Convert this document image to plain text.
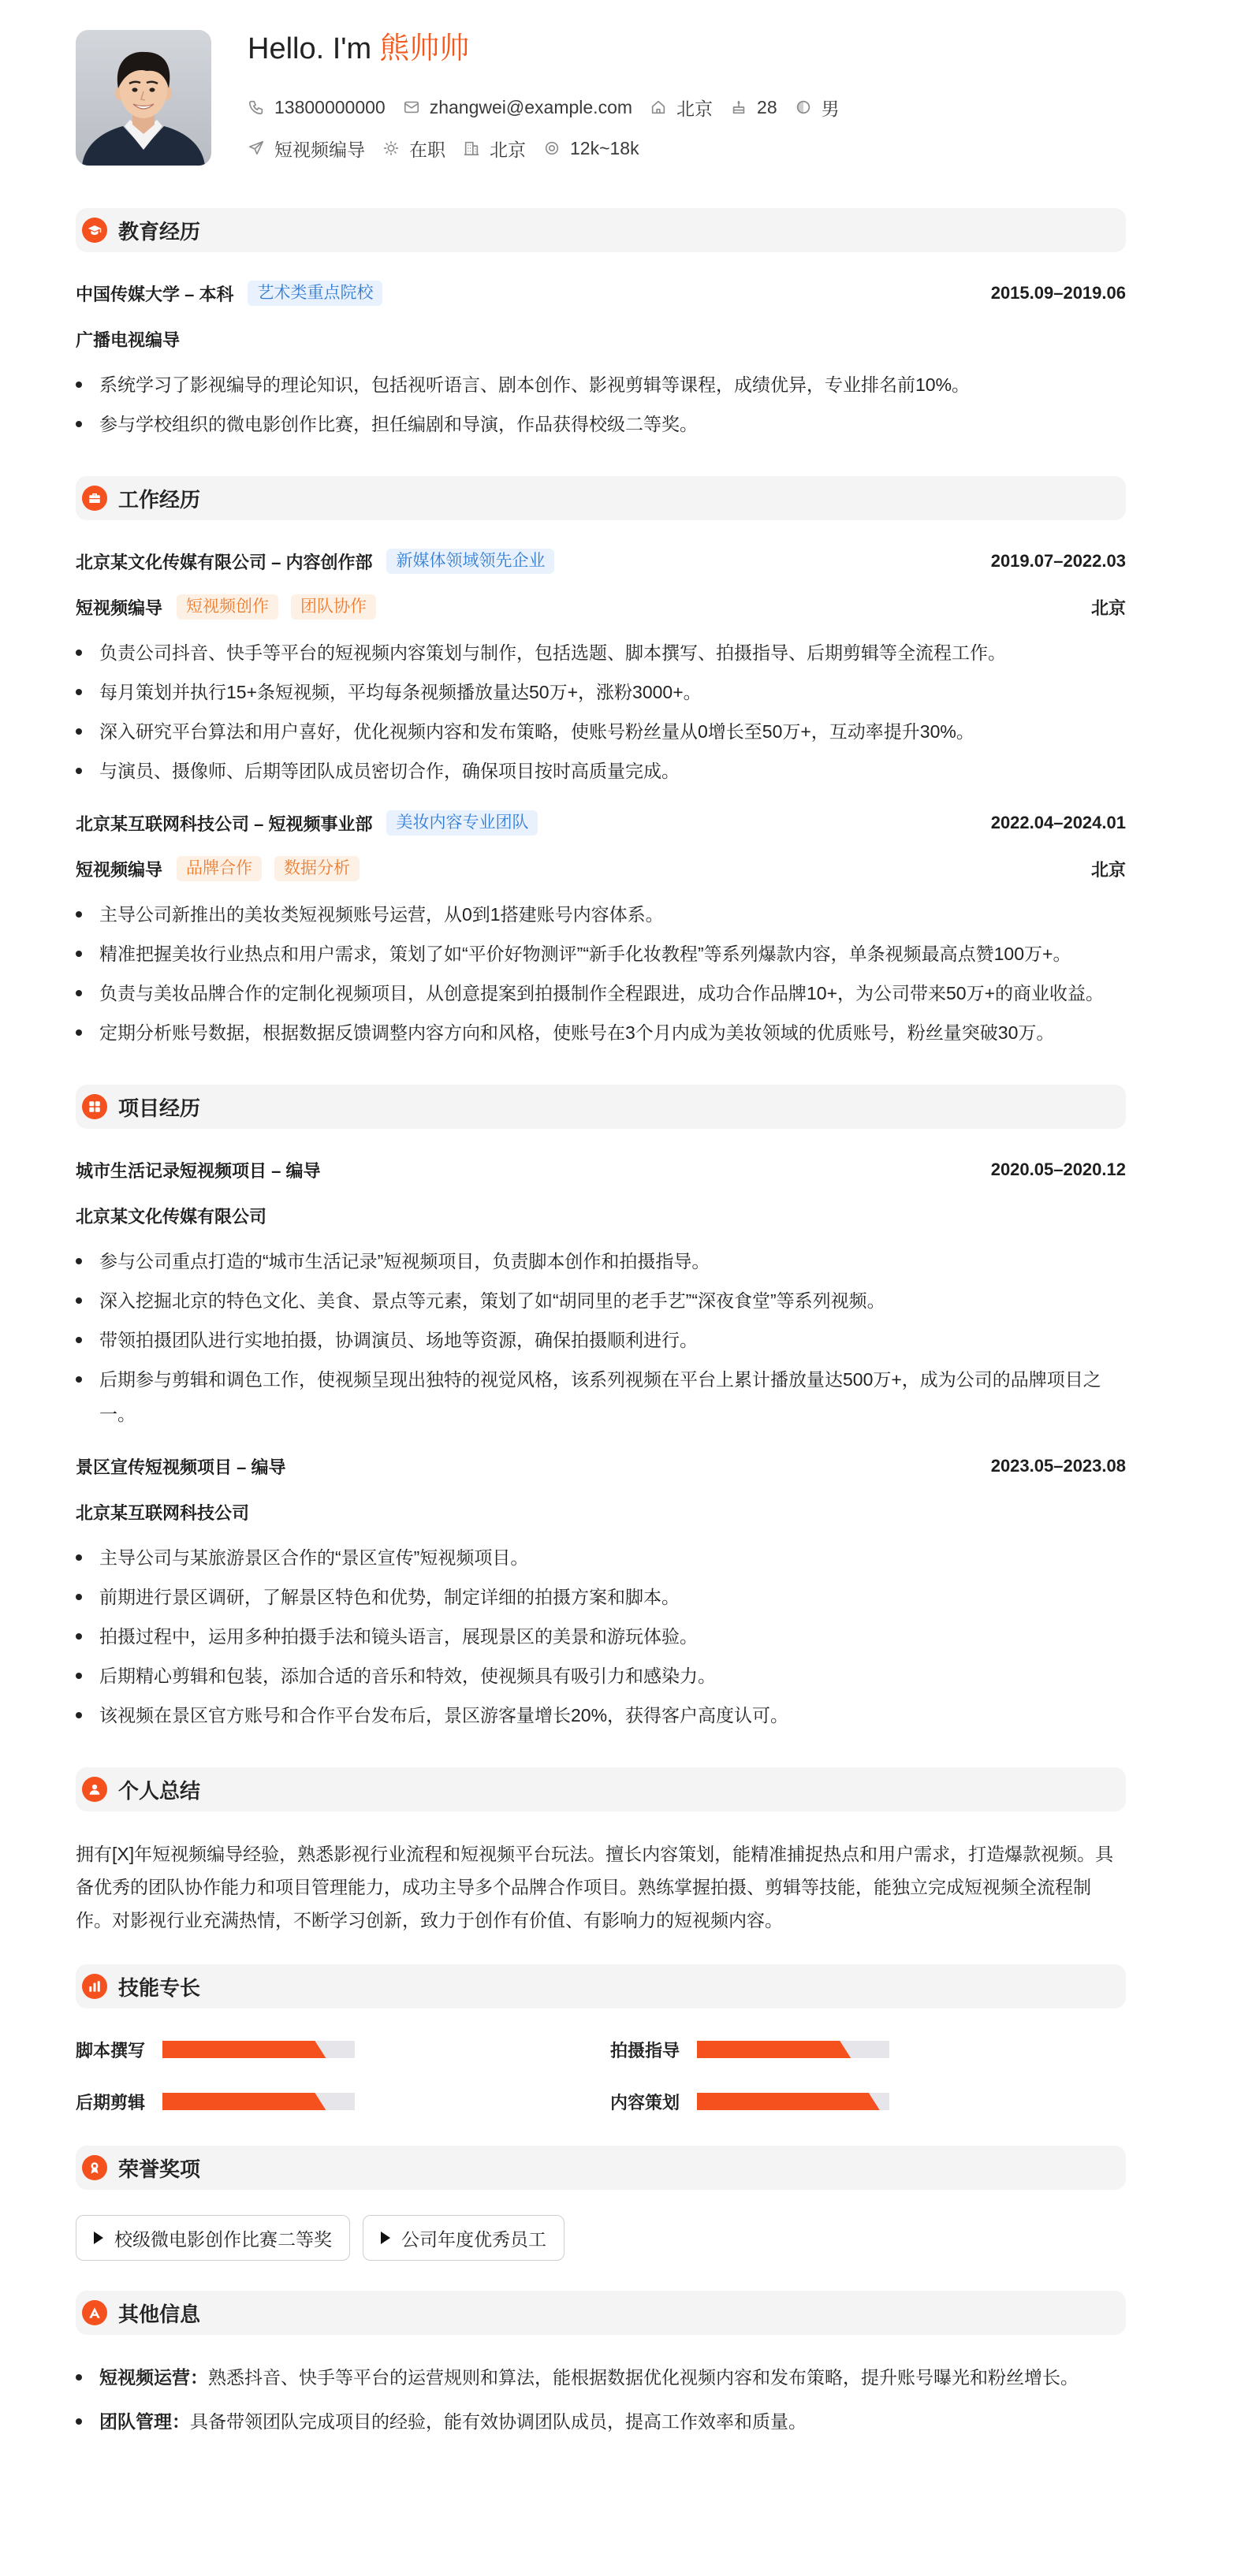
Hello. I'm 熊帅帅
13800000000 zhangwei@example.com 北京 28 男
短视频编导 在职 北京 12k~18k
教育经历
中国传媒大学 – 本科	艺术类重点院校	2015.09–2019.06
广播电视编导
系统学习了影视编导的理论知识，包括视听语言、剧本创作、影视剪辑等课程，成绩优异，专业排名前10%。
参与学校组织的微电影创作比赛，担任编剧和导演，作品获得校级二等奖。
工作经历
北京某文化传媒有限公司 – 内容创作部	新媒体领域领先企业	2019.07–2022.03
短视频编导	短视频创作	团队协作	北京
负责公司抖音、快手等平台的短视频内容策划与制作，包括选题、脚本撰写、拍摄指导、后期剪辑等全流程工作。
每月策划并执行15+条短视频，平均每条视频播放量达50万+，涨粉3000+。
深入研究平台算法和用户喜好，优化视频内容和发布策略，使账号粉丝量从0增长至50万+，互动率提升30%。
与演员、摄像师、后期等团队成员密切合作，确保项目按时高质量完成。
北京某互联网科技公司 – 短视频事业部	美妆内容专业团队	2022.04–2024.01
短视频编导	品牌合作	数据分析	北京
主导公司新推出的美妆类短视频账号运营，从0到1搭建账号内容体系。
精准把握美妆行业热点和用户需求，策划了如“平价好物测评”“新手化妆教程”等系列爆款内容，单条视频最高点赞100万+。
负责与美妆品牌合作的定制化视频项目，从创意提案到拍摄制作全程跟进，成功合作品牌10+，为公司带来50万+的商业收益。
定期分析账号数据，根据数据反馈调整内容方向和风格，使账号在3个月内成为美妆领域的优质账号，粉丝量突破30万。
项目经历
城市生活记录短视频项目 – 编导	2020.05–2020.12
北京某文化传媒有限公司
参与公司重点打造的“城市生活记录”短视频项目，负责脚本创作和拍摄指导。
深入挖掘北京的特色文化、美食、景点等元素，策划了如“胡同里的老手艺”“深夜食堂”等系列视频。
带领拍摄团队进行实地拍摄，协调演员、场地等资源，确保拍摄顺利进行。
后期参与剪辑和调色工作，使视频呈现出独特的视觉风格，该系列视频在平台上累计播放量达500万+，成为公司的品牌项目之一。
景区宣传短视频项目 – 编导	2023.05–2023.08
北京某互联网科技公司
主导公司与某旅游景区合作的“景区宣传”短视频项目。
前期进行景区调研，了解景区特色和优势，制定详细的拍摄方案和脚本。
拍摄过程中，运用多种拍摄手法和镜头语言，展现景区的美景和游玩体验。
后期精心剪辑和包装，添加合适的音乐和特效，使视频具有吸引力和感染力。
该视频在景区官方账号和合作平台发布后，景区游客量增长20%，获得客户高度认可。
个人总结

拥有[X]年短视频编导经验，熟悉影视行业流程和短视频平台玩法。擅长内容策划，能精准捕捉热点和用户需求，打造爆款视频。具备优秀的团队协作能力和项目管理能力，成功主导多个品牌合作项目。熟练掌握拍摄、剪辑等技能，能独立完成短视频全流程制作。对影视行业充满热情，不断学习创新，致力于创作有价值、有影响力的短视频内容。

技能专长
脚本撰写	拍摄指导
后期剪辑	内容策划
荣誉奖项
校级微电影创作比赛二等奖	公司年度优秀员工
其他信息
短视频运营：熟悉抖音、快手等平台的运营规则和算法，能根据数据优化视频内容和发布策略，提升账号曝光和粉丝增长。
团队管理：具备带领团队完成项目的经验，能有效协调团队成员，提高工作效率和质量。
